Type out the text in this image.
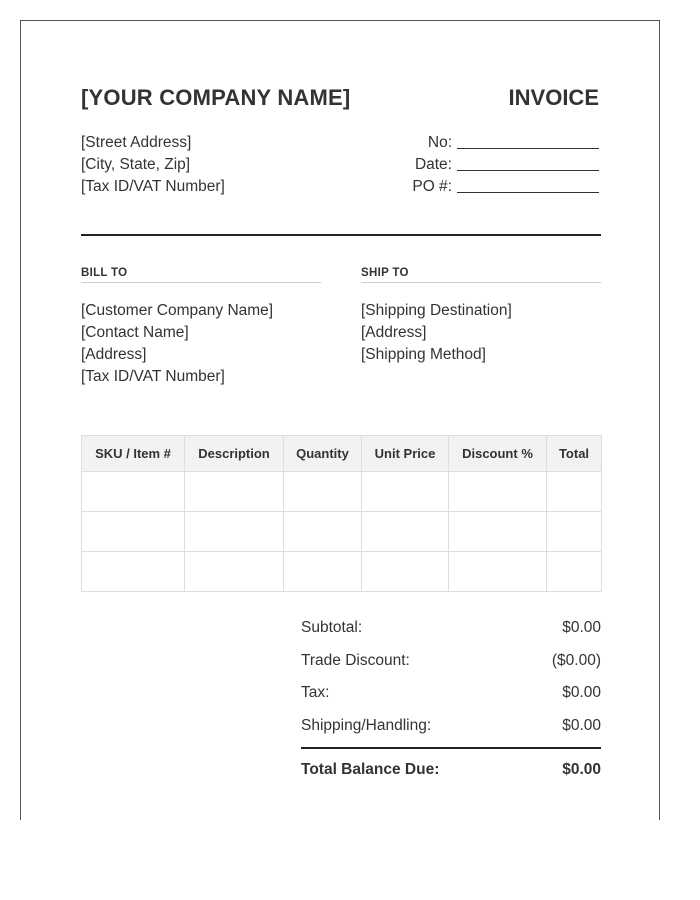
[YOUR COMPANY NAME]	INVOICE
[Street Address]
[City, State, Zip]
[Tax ID/VAT Number]
No:
Date:
PO #:
BILL TO
[Customer Company Name]
[Contact Name]
[Address]
[Tax ID/VAT Number]
SHIP TO
[Shipping Destination]
[Address]
[Shipping Method]
SKU / Item #	Description	Quantity	Unit Price	Discount %	Total

Subtotal:	$0.00
Trade Discount:	($0.00)
Tax:	$0.00
Shipping/Handling:	$0.00
Total Balance Due:	$0.00
